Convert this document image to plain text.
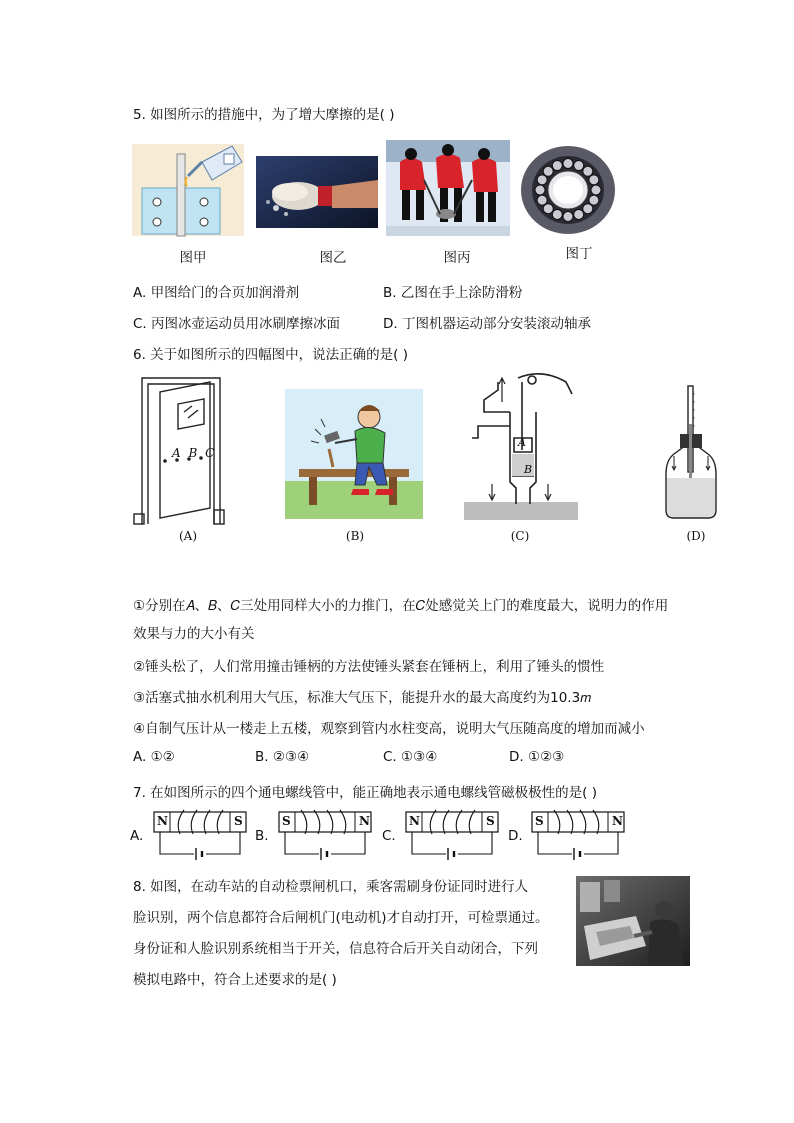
5. 如图所示的措施中，为了增大摩擦的是( )
图甲	图乙	图丙	图丁
A. 甲图给门的合页加润滑剂	B. 乙图在手上涂防滑粉
C. 丙图冰壶运动员用冰刷摩擦冰面	D. 丁图机器运动部分安装滚动轴承
6. 关于如图所示的四幅图中，说法正确的是( )
A B C
(A)	(B)
A
B
(C)	(D)
①分别在𝐴、𝐵、𝐶三处用同样大小的力推门，在𝐶处感觉关上门的难度最大，说明力的作用
效果与力的大小有关
②锤头松了，人们常用撞击锤柄的方法使锤头紧套在锤柄上，利用了锤头的惯性
③活塞式抽水机利用大气压，标准大气压下，能提升水的最大高度约为10.3𝑚
④自制气压计从一楼走上五楼，观察到管内水柱变高，说明大气压随高度的增加而减小
A. ①②	B. ②③④	C. ①③④	D. ①②③
7. 在如图所示的四个通电螺线管中，能正确地表示通电螺线管磁极极性的是( )
A.
N	S
B.
S	N
C.
N	S
D.
S	N
8. 如图，在动车站的自动检票闸机口，乘客需刷身份证同时进行人
脸识别，两个信息都符合后闸机门(电动机)才自动打开，可检票通过。
身份证和人脸识别系统相当于开关，信息符合后开关自动闭合，下列
模拟电路中，符合上述要求的是( )
